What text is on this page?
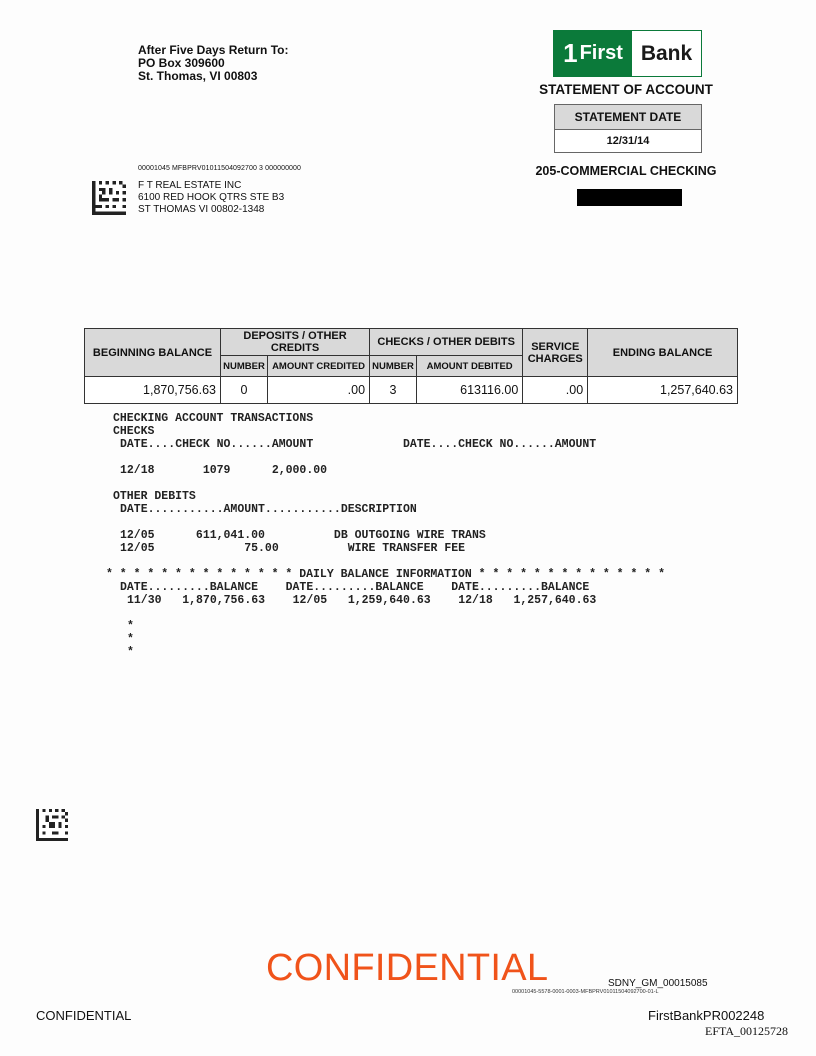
After Five Days Return To:
PO Box 309600
St. Thomas, VI 00803
1 First Bank
STATEMENT OF ACCOUNT
STATEMENT DATE
12/31/14
205-COMMERCIAL CHECKING
00001045 MFBPRV01011504092700 3 000000000
F T REAL ESTATE INC
6100 RED HOOK QTRS STE B3
ST THOMAS VI 00802-1348
BEGINNING BALANCE	DEPOSITS / OTHER CREDITS		CHECKS / OTHER DEBITS		SERVICE CHARGES	ENDING BALANCE
	NUMBER	AMOUNT CREDITED	NUMBER	AMOUNT DEBITED		
1,870,756.63	0	.00	3	613116.00	.00	1,257,640.63
CHECKING ACCOUNT TRANSACTIONS
CHECKS
DATE....CHECK NO......AMOUNT             DATE....CHECK NO......AMOUNT
12/18       1079      2,000.00
OTHER DEBITS
DATE...........AMOUNT...........DESCRIPTION
12/05      611,041.00          DB OUTGOING WIRE TRANS
12/05             75.00          WIRE TRANSFER FEE
* * * * * * * * * * * * * * DAILY BALANCE INFORMATION * * * * * * * * * * * * * *
DATE.........BALANCE    DATE.........BALANCE    DATE.........BALANCE
11/30   1,870,756.63    12/05   1,259,640.63    12/18   1,257,640.63
*
*
*
CONFIDENTIAL	SDNY_GM_00015085
00001045-5578-0001-0003-MFBPRV01011504092700-01-L
CONFIDENTIAL	FirstBankPR002248
EFTA_00125728
